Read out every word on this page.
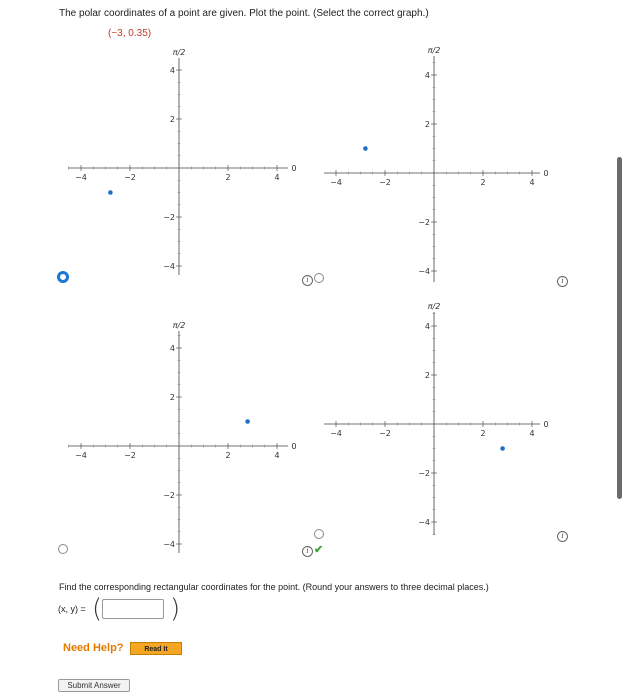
The polar coordinates of a point are given. Plot the point. (Select the correct graph.)
(−3, 0.35)
−4	−2	2	4
4
2
−2
−4
π/2
0
−4	−2	2	4
4
2
−2
−4
π/2
0
−4	−2	2	4
4
2
−2
−4
π/2
0
−4	−2	2	4
4
2
−2
−4
π/2
0
i	i
i ✔
i
Find the corresponding rectangular coordinates for the point. (Round your answers to three decimal places.)
(x, y) = (	)
Need Help?	Read It
Submit Answer
